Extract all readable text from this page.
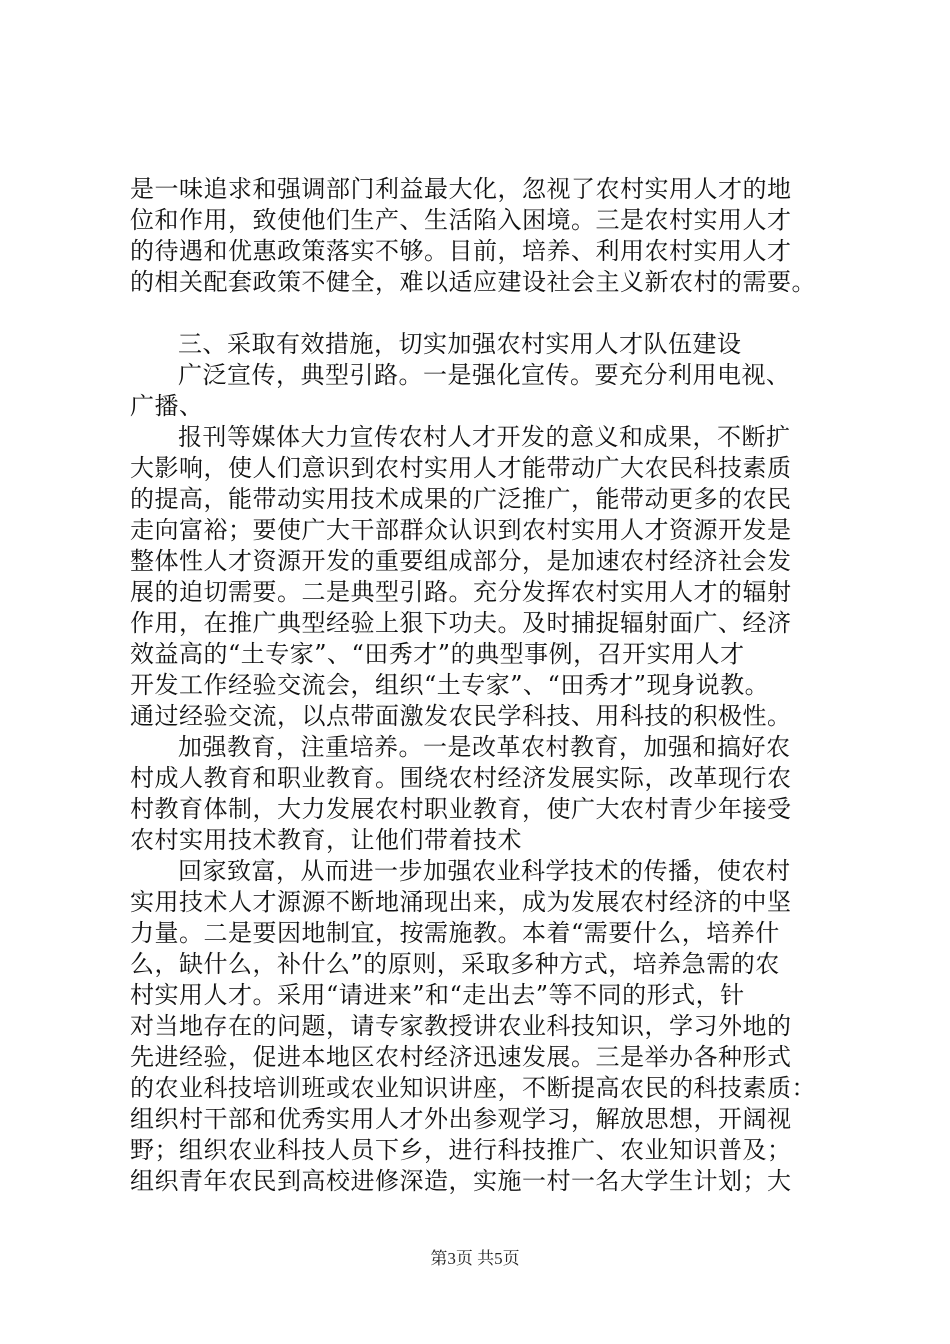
是一味追求和强调部门利益最大化，忽视了农村实用人才的地
位和作用，致使他们生产、生活陷入困境。三是农村实用人才
的待遇和优惠政策落实不够。目前，培养、利用农村实用人才
的相关配套政策不健全，难以适应建设社会主义新农村的需要。
三、采取有效措施，切实加强农村实用人才队伍建设
广泛宣传，典型引路。一是强化宣传。要充分利用电视、
广播、
报刊等媒体大力宣传农村人才开发的意义和成果，不断扩
大影响，使人们意识到农村实用人才能带动广大农民科技素质
的提高，能带动实用技术成果的广泛推广，能带动更多的农民
走向富裕；要使广大干部群众认识到农村实用人才资源开发是
整体性人才资源开发的重要组成部分，是加速农村经济社会发
展的迫切需要。二是典型引路。充分发挥农村实用人才的辐射
作用，在推广典型经验上狠下功夫。及时捕捉辐射面广、经济
效益高的“土专家”、“田秀才”的典型事例，召开实用人才
开发工作经验交流会，组织“土专家”、“田秀才”现身说教。
通过经验交流，以点带面激发农民学科技、用科技的积极性。
加强教育，注重培养。一是改革农村教育，加强和搞好农
村成人教育和职业教育。围绕农村经济发展实际，改革现行农
村教育体制，大力发展农村职业教育，使广大农村青少年接受
农村实用技术教育，让他们带着技术
回家致富，从而进一步加强农业科学技术的传播，使农村
实用技术人才源源不断地涌现出来，成为发展农村经济的中坚
力量。二是要因地制宜，按需施教。本着“需要什么，培养什
么，缺什么，补什么”的原则，采取多种方式，培养急需的农
村实用人才。采用“请进来”和“走出去”等不同的形式，针
对当地存在的问题，请专家教授讲农业科技知识，学习外地的
先进经验，促进本地区农村经济迅速发展。三是举办各种形式
的农业科技培训班或农业知识讲座，不断提高农民的科技素质：
组织村干部和优秀实用人才外出参观学习，解放思想，开阔视
野；组织农业科技人员下乡，进行科技推广、农业知识普及；
组织青年农民到高校进修深造，实施一村一名大学生计划；大
第3页 共5页
